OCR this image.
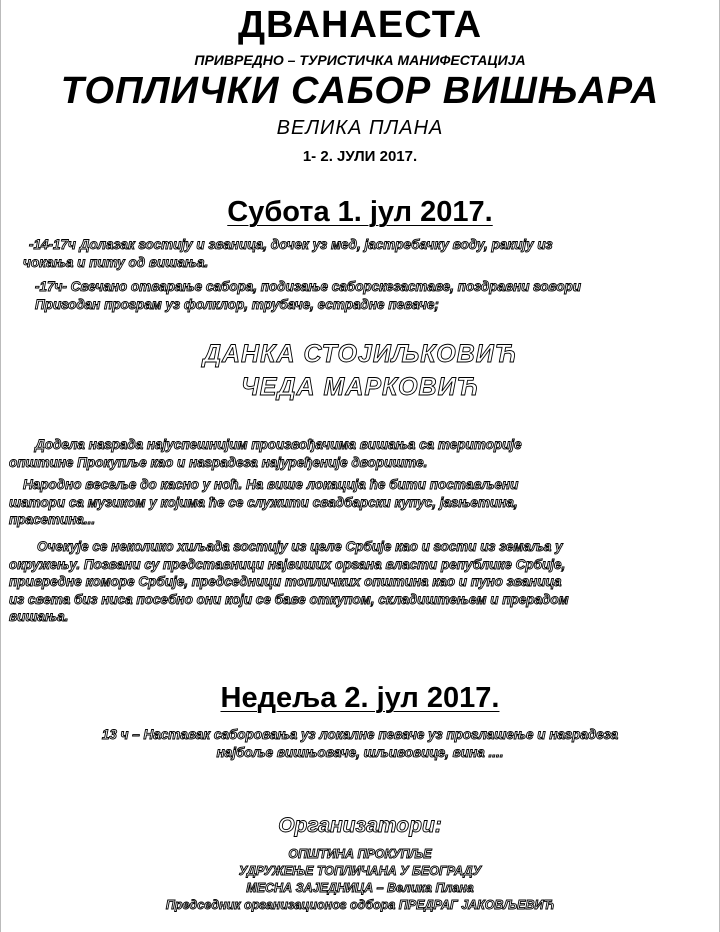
ДВАНАЕСТА
ПРИВРЕДНО – ТУРИСТИЧКА МАНИФЕСТАЦИЈА
ТОПЛИЧКИ САБОР ВИШЊАРА
ВЕЛИКА ПЛАНА
1- 2. ЈУЛИ 2017.
Субота 1. јул 2017.
-14-17ч Долазак гостију и званица, дочек уз мед, јастребачку воду, ракију из
чокања и питу од вишања.
-17ч- Свечано отварање сабора, подизање саборскезаставе, поздравни говори
Пригодан програм уз фолклор, трубаче, естрадне певаче;
ДАНКА СТОЈИЉКОВИЋ
ЧЕДА МАРКОВИЋ
Додела награда најуспешнијим произвођачима вишања са територије
општине Прокупље као и наградеза најуређеније двориште.
Народно весеље до касно у ноћ. На више локација ће бити постављени
шатори са музиком у којима ће се служити свадбарски купус, јагњетина,
прасетина...
Очекује се неколико хиљада гостију из целе Србије као и гости из земаља у
окружењу. Позвани су представници највиших органа власти републике Србије,
привредне коморе Србије, председници топличких општина као и пуно званица
из света биз ниса посебно они који се баве откупом, складиштењем и прерадом
вишања.
Недеља 2. јул 2017.
13 ч – Наставак саборовања уз локалне певаче уз проглашење и наградеза
најбоље вишњоваче, шљивовице, вина ....
Организатори:
ОПШТИНА ПРОКУПЉЕ
УДРУЖЕЊЕ ТОПЛИЧАНА У БЕОГРАДУ
МЕСНА ЗАЈЕДНИЦА – Велика Плана
Председник организационог одбора ПРЕДРАГ ЈАКОВЉЕВИЋ
